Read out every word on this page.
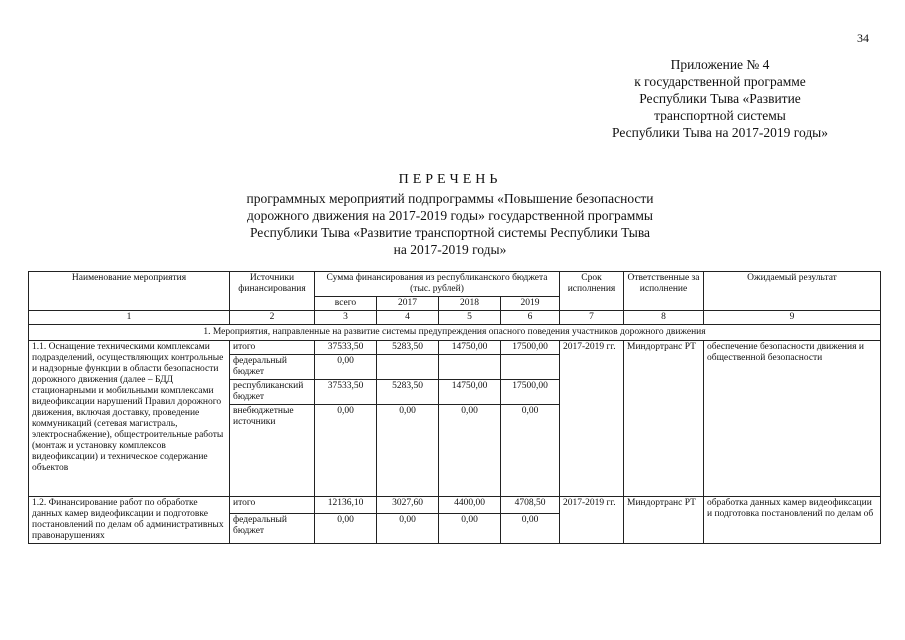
34
Приложение № 4
к государственной программе
Республики Тыва «Развитие
транспортной системы
Республики Тыва на 2017-2019 годы»
ПЕРЕЧЕНЬ
программных мероприятий подпрограммы «Повышение безопасности
дорожного движения на 2017-2019 годы» государственной программы
Республики Тыва «Развитие транспортной системы Республики Тыва
на 2017-2019 годы»
Наименование мероприятия	Источники финансирования	Сумма финансирования из республиканского бюджета (тыс. рублей)				Срок исполнения	Ответственные за исполнение	Ожидаемый результат
		всего	2017	2018	2019			
1	2	3	4	5	6	7	8	9
1. Мероприятия, направленные на развитие системы предупреждения опасного поведения участников дорожного движения								
1.1. Оснащение техническими комплексами подразделений, осуществляющих контрольные и надзорные функции в области безопасности дорожного движения (далее – БДД стационарными и мобильными комплексами видеофиксации нарушений Правил дорожного движения, включая доставку, проведение коммуникаций (сетевая магистраль, электроснабжение), общестроительные работы (монтаж и установку комплексов видеофиксации) и техническое содержание объектов	итого	37533,50	5283,50	14750,00	17500,00	2017-2019 гг.	Миндортранс РТ	обеспечение безопасности движения и общественной безопасности
	федеральный бюджет	0,00						
	республиканский бюджет	37533,50	5283,50	14750,00	17500,00			
	внебюджетные источники	0,00	0,00	0,00	0,00			
1.2. Финансирование работ по обработке данных камер видеофиксации и подготовке постановлений по делам об административных правонарушениях	итого	12136,10	3027,60	4400,00	4708,50	2017-2019 гг.	Миндортранс РТ	обработка данных камер видеофиксации и подготовка постановлений по делам об
	федеральный бюджет	0,00	0,00	0,00	0,00			
